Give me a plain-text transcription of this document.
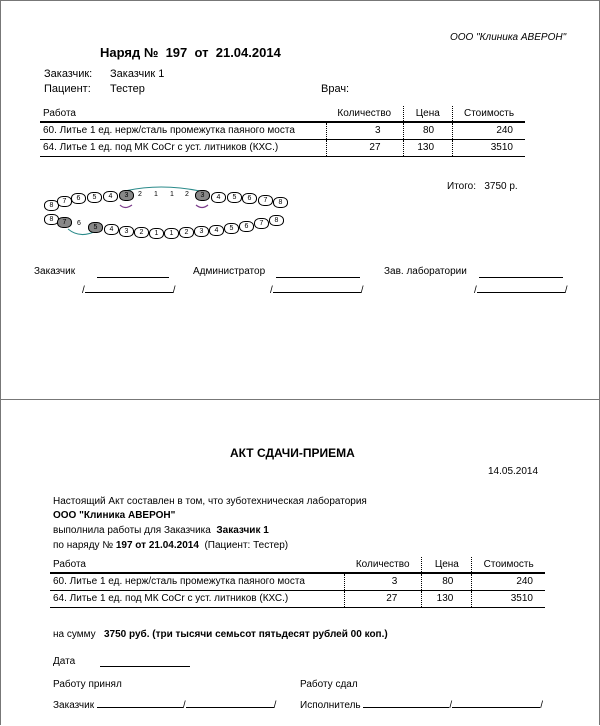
ООО "Клиника АВЕРОН"
Наряд № 197 от 21.04.2014
Заказчик: Заказчик 1
Пациент: Тестер	Врач:
Работа	Количество	Цена	Стоимость
60. Литье 1 ед. нерж/сталь промежутка паяного моста	3	80	240
64. Литье 1 ед. под МК CoCr с уст. литников (КХС.)	27	130	3510
Итого: 3750 р.
8
7	6	5	4	3	2 1 1 2	3	4	5	6	7	8
8	7	6
5	4	3	2	1	1	2	3	4	5	6	7	8
Заказчик
/	/
Администратор
/	/
Зав. лаборатории
/	/
АКТ СДАЧИ-ПРИЕМА
14.05.2014
Настоящий Акт составлен в том, что зуботехническая лаборатория
ООО "Клиника АВЕРОН"
выполнила работы для Заказчика Заказчик 1
по наряду № 197 от 21.04.2014 (Пациент: Тестер)
Работа	Количество	Цена	Стоимость
60. Литье 1 ед. нерж/сталь промежутка паяного моста	3	80	240
64. Литье 1 ед. под МК CoCr с уст. литников (КХС.)	27	130	3510
на сумму 3750 руб. (три тысячи семьсот пятьдесят рублей 00 коп.)
Дата
Работу принял	Работу сдал
Заказчик	/	/ Исполнитель	/	/
